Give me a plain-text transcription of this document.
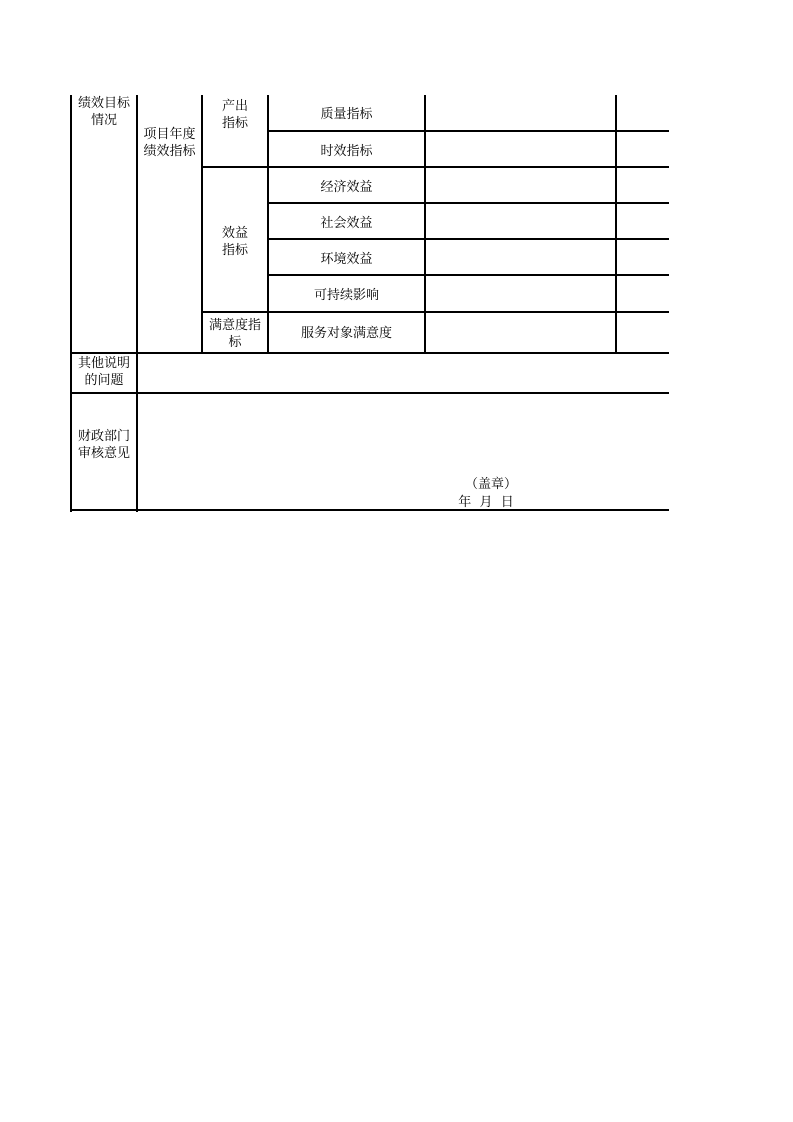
绩效目标
情况
项目年度
绩效指标
产出
指标
效益
指标
满意度指
标
质量指标
时效指标
经济效益
社会效益
环境效益
可持续影响
服务对象满意度
其他说明
的问题
财政部门
审核意见
（盖章）
年  月  日
